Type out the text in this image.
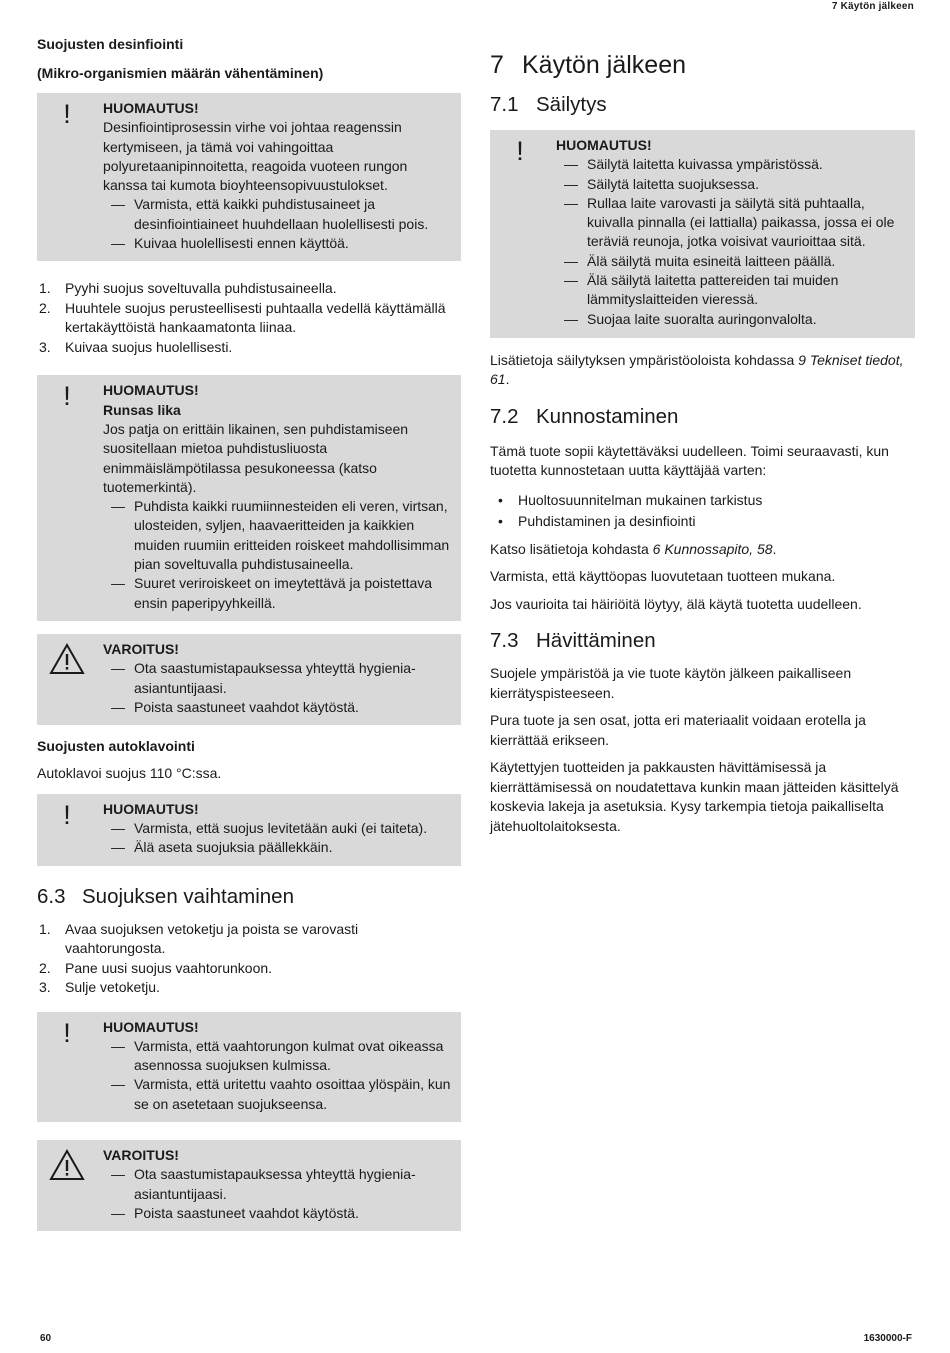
7 Käytön jälkeen
Suojusten desinfiointi
(Mikro-organismien määrän vähentäminen)
! HUOMAUTUS!
Desinfiointiprosessin virhe voi johtaa reagenssin kertymiseen, ja tämä voi vahingoittaa polyuretaanipinnoitetta, reagoida vuoteen rungon kanssa tai kumota bioyhteensopivuustulokset.
— Varmista, että kaikki puhdistusaineet ja desinfiointiaineet huuhdellaan huolellisesti pois.
— Kuivaa huolellisesti ennen käyttöä.
1. Pyyhi suojus soveltuvalla puhdistusaineella.
2. Huuhtele suojus perusteellisesti puhtaalla vedellä käyttämällä kertakäyttöistä hankaamatonta liinaa.
3. Kuivaa suojus huolellisesti.
! HUOMAUTUS!
Runsas lika
Jos patja on erittäin likainen, sen puhdistamiseen suositellaan mietoa puhdistusliuosta enimmäislämpötilassa pesukoneessa (katso tuotemerkintä).
— Puhdista kaikki ruumiinnesteiden eli veren, virtsan, ulosteiden, syljen, haavaeritteiden ja kaikkien muiden ruumiin eritteiden roiskeet mahdollisimman pian soveltuvalla puhdistusaineella.
— Suuret veriroiskeet on imeytettävä ja poistettava ensin paperipyyhkeillä.
VAROITUS!
— Ota saastumistapauksessa yhteyttä hygienia-asiantuntijaasi.
— Poista saastuneet vaahdot käytöstä.
Suojusten autoklavointi

Autoklavoi suojus 110 °C:ssa.

! HUOMAUTUS!
— Varmista, että suojus levitetään auki (ei taiteta).
— Älä aseta suojuksia päällekkäin.
6.3 Suojuksen vaihtaminen
1. Avaa suojuksen vetoketju ja poista se varovasti vaahtorungosta.
2. Pane uusi suojus vaahtorunkoon.
3. Sulje vetoketju.
! HUOMAUTUS!
— Varmista, että vaahtorungon kulmat ovat oikeassa asennossa suojuksen kulmissa.
— Varmista, että uritettu vaahto osoittaa ylöspäin, kun se on asetetaan suojukseensa.
VAROITUS!
— Ota saastumistapauksessa yhteyttä hygienia-asiantuntijaasi.
— Poista saastuneet vaahdot käytöstä.
7 Käytön jälkeen
7.1 Säilytys
! HUOMAUTUS!
— Säilytä laitetta kuivassa ympäristössä.
— Säilytä laitetta suojuksessa.
— Rullaa laite varovasti ja säilytä sitä puhtaalla, kuivalla pinnalla (ei lattialla) paikassa, jossa ei ole teräviä reunoja, jotka voisivat vaurioittaa sitä.
— Älä säilytä muita esineitä laitteen päällä.
— Älä säilytä laitetta pattereiden tai muiden lämmityslaitteiden vieressä.
— Suojaa laite suoralta auringonvalolta.

Lisätietoja säilytyksen ympäristöoloista kohdassa 9 Tekniset tiedot, 61.

7.2 Kunnostaminen

Tämä tuote sopii käytettäväksi uudelleen. Toimi seuraavasti, kun tuotetta kunnostetaan uutta käyttäjää varten:

• Huoltosuunnitelman mukainen tarkistus
• Puhdistaminen ja desinfiointi

Katso lisätietoja kohdasta 6 Kunnossapito, 58.

Varmista, että käyttöopas luovutetaan tuotteen mukana.

Jos vaurioita tai häiriöitä löytyy, älä käytä tuotetta uudelleen.

7.3 Hävittäminen

Suojele ympäristöä ja vie tuote käytön jälkeen paikalliseen kierrätyspisteeseen.

Pura tuote ja sen osat, jotta eri materiaalit voidaan erotella ja kierrättää erikseen.

Käytettyjen tuotteiden ja pakkausten hävittämisessä ja kierrättämisessä on noudatettava kunkin maan jätteiden käsittelyä koskevia lakeja ja asetuksia. Kysy tarkempia tietoja paikalliselta jätehuoltolaitoksesta.

60	1630000-F
